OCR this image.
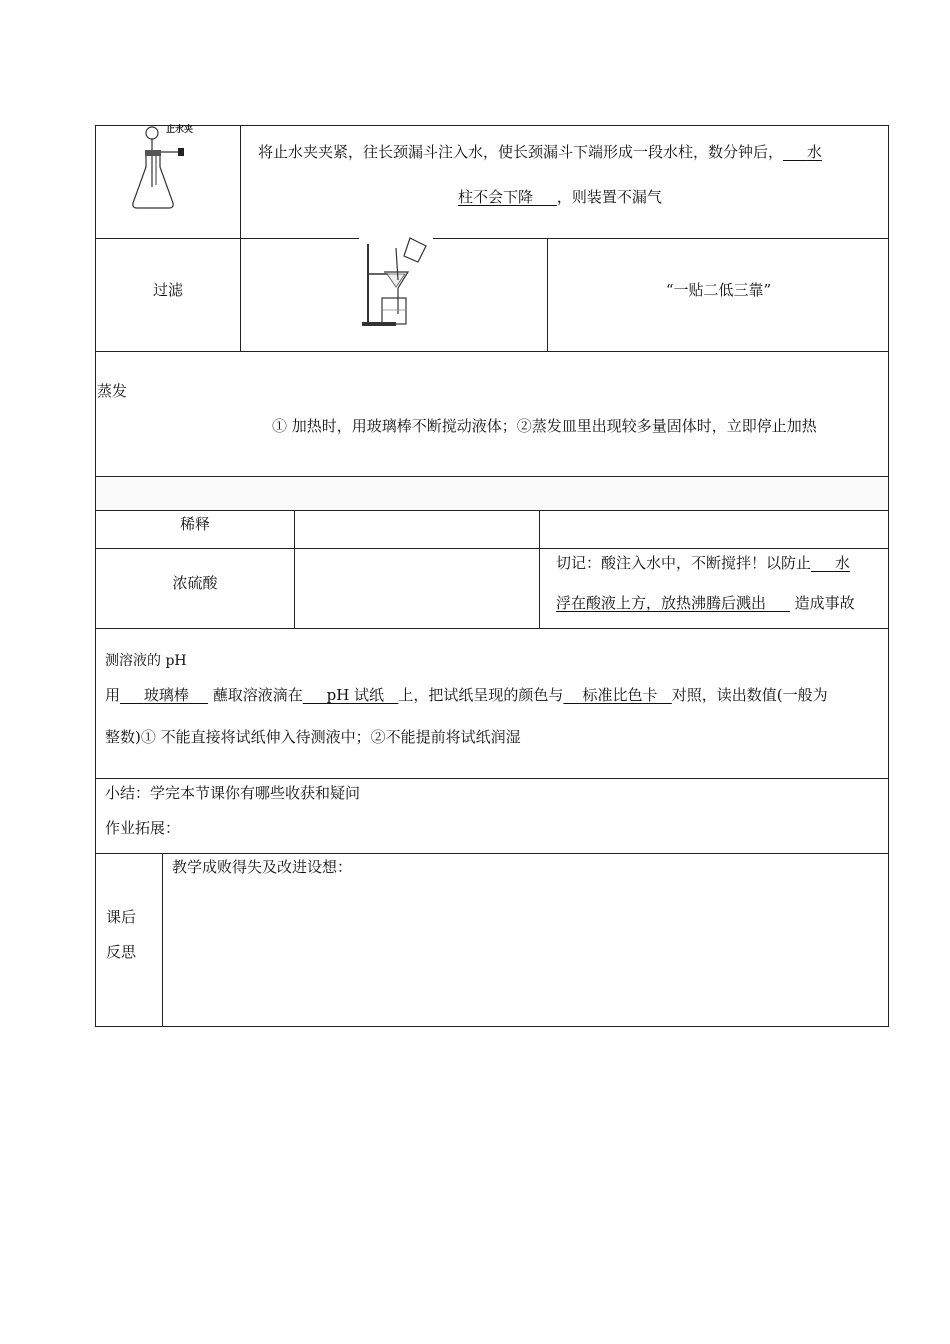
止水夹
将止水夹夹紧，往长颈漏斗注入水，使长颈漏斗下端形成一段水柱，数分钟后， 水
柱不会下降 ，则装置不漏气
过滤	“一贴二低三靠”
蒸发
① 加热时，用玻璃棒不断搅动液体；②蒸发皿里出现较多量固体时，立即停止加热
稀释
浓硫酸
切记：酸注入水中，不断搅拌！以防止 水
浮在酸液上方，放热沸腾后溅出 造成事故
测溶液的 pH
用 玻璃棒 蘸取溶液滴在 pH 试纸 上，把试纸呈现的颜色与 标准比色卡 对照，读出数值(一般为
整数)① 不能直接将试纸伸入待测液中；②不能提前将试纸润湿
小结：学完本节课你有哪些收获和疑问
作业拓展：
课后
反思
教学成败得失及改进设想：
